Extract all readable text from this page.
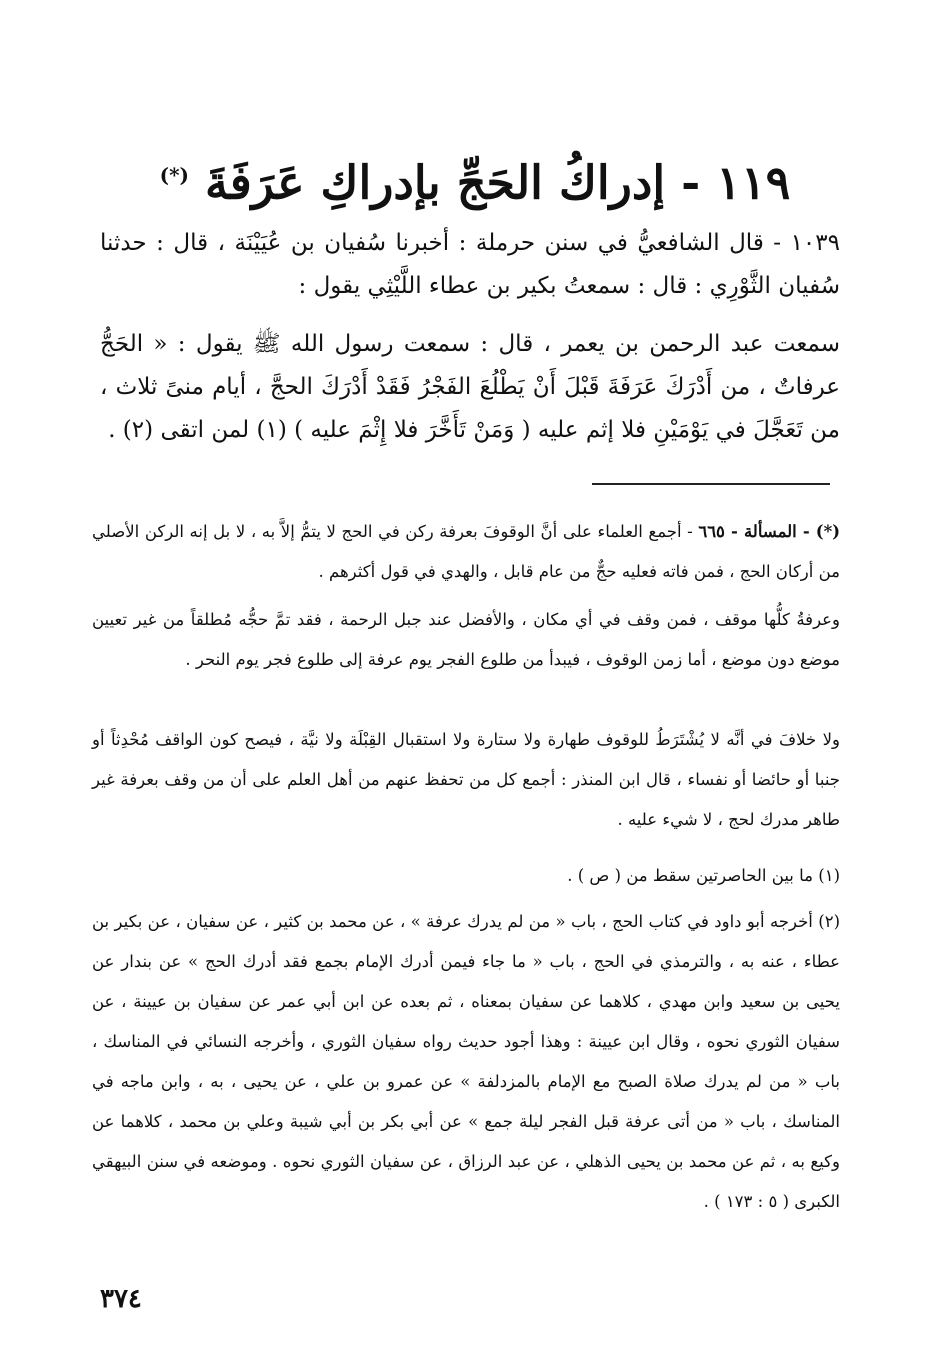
١١٩ - إدراكُ الحَجِّ بإدراكِ عَرَفَةَ (*)

١٠٣٩ - قال الشافعيُّ في سنن حرملة : أخبرنا سُفيان بن عُيَيْنَة ، قال : حدثنا سُفيان الثَّوْرِي : قال : سمعتُ بكير بن عطاء اللَّيْثِي يقول :

سمعت عبد الرحمن بن يعمر ، قال : سمعت رسول الله ﷺ يقول : « الحَجُّ عرفاتٌ ، من أَدْرَكَ عَرَفَةَ قَبْلَ أَنْ يَطْلُعَ الفَجْرُ فَقَدْ أَدْرَكَ الحجَّ ، أيام منىً ثلاث ، من تَعَجَّلَ في يَوْمَيْنِ فلا إثم عليه ( وَمَنْ تَأَخَّرَ فلا إِثْمَ عليه ) (١) لمن اتقى (٢) .

(*) - المسألة - ٦٦٥ - أجمع العلماء على أنَّ الوقوفَ بعرفة ركن في الحج لا يتمُّ إلاَّ به ، لا بل إنه الركن الأصلي من أركان الحج ، فمن فاته فعليه حجٌّ من عام قابل ، والهدي في قول أكثرهم .

وعرفةُ كلُّها موقف ، فمن وقف في أي مكان ، والأفضل عند جبل الرحمة ، فقد تمَّ حجُّه مُطلقاً من غير تعيين موضع دون موضع ، أما زمن الوقوف ، فيبدأ من طلوع الفجر يوم عرفة إلى طلوع فجر يوم النحر .

ولا خلافَ في أنَّه لا يُشْتَرَطُ للوقوف طهارة ولا ستارة ولا استقبال القِبْلَة ولا نيَّة ، فيصح كون الواقف مُحْدِثاً أو جنبا أو حائضا أو نفساء ، قال ابن المنذر : أجمع كل من تحفظ عنهم من أهل العلم على أن من وقف بعرفة غير طاهر مدرك لحج ، لا شيء عليه .

(١) ما بين الحاصرتين سقط من ( ص ) .

(٢) أخرجه أبو داود في كتاب الحج ، باب « من لم يدرك عرفة » ، عن محمد بن كثير ، عن سفيان ، عن بكير بن عطاء ، عنه به ، والترمذي في الحج ، باب « ما جاء فيمن أدرك الإمام بجمع فقد أدرك الحج » عن بندار عن يحيى بن سعيد وابن مهدي ، كلاهما عن سفيان بمعناه ، ثم بعده عن ابن أبي عمر عن سفيان بن عيينة ، عن سفيان الثوري نحوه ، وقال ابن عيينة : وهذا أجود حديث رواه سفيان الثوري ، وأخرجه النسائي في المناسك ، باب « من لم يدرك صلاة الصبح مع الإمام بالمزدلفة » عن عمرو بن علي ، عن يحيى ، به ، وابن ماجه في المناسك ، باب « من أتى عرفة قبل الفجر ليلة جمع » عن أبي بكر بن أبي شيبة وعلي بن محمد ، كلاهما عن وكيع به ، ثم عن محمد بن يحيى الذهلي ، عن عبد الرزاق ، عن سفيان الثوري نحوه . وموضعه في سنن البيهقي الكبرى ( ٥ : ١٧٣ ) .

٣٧٤
